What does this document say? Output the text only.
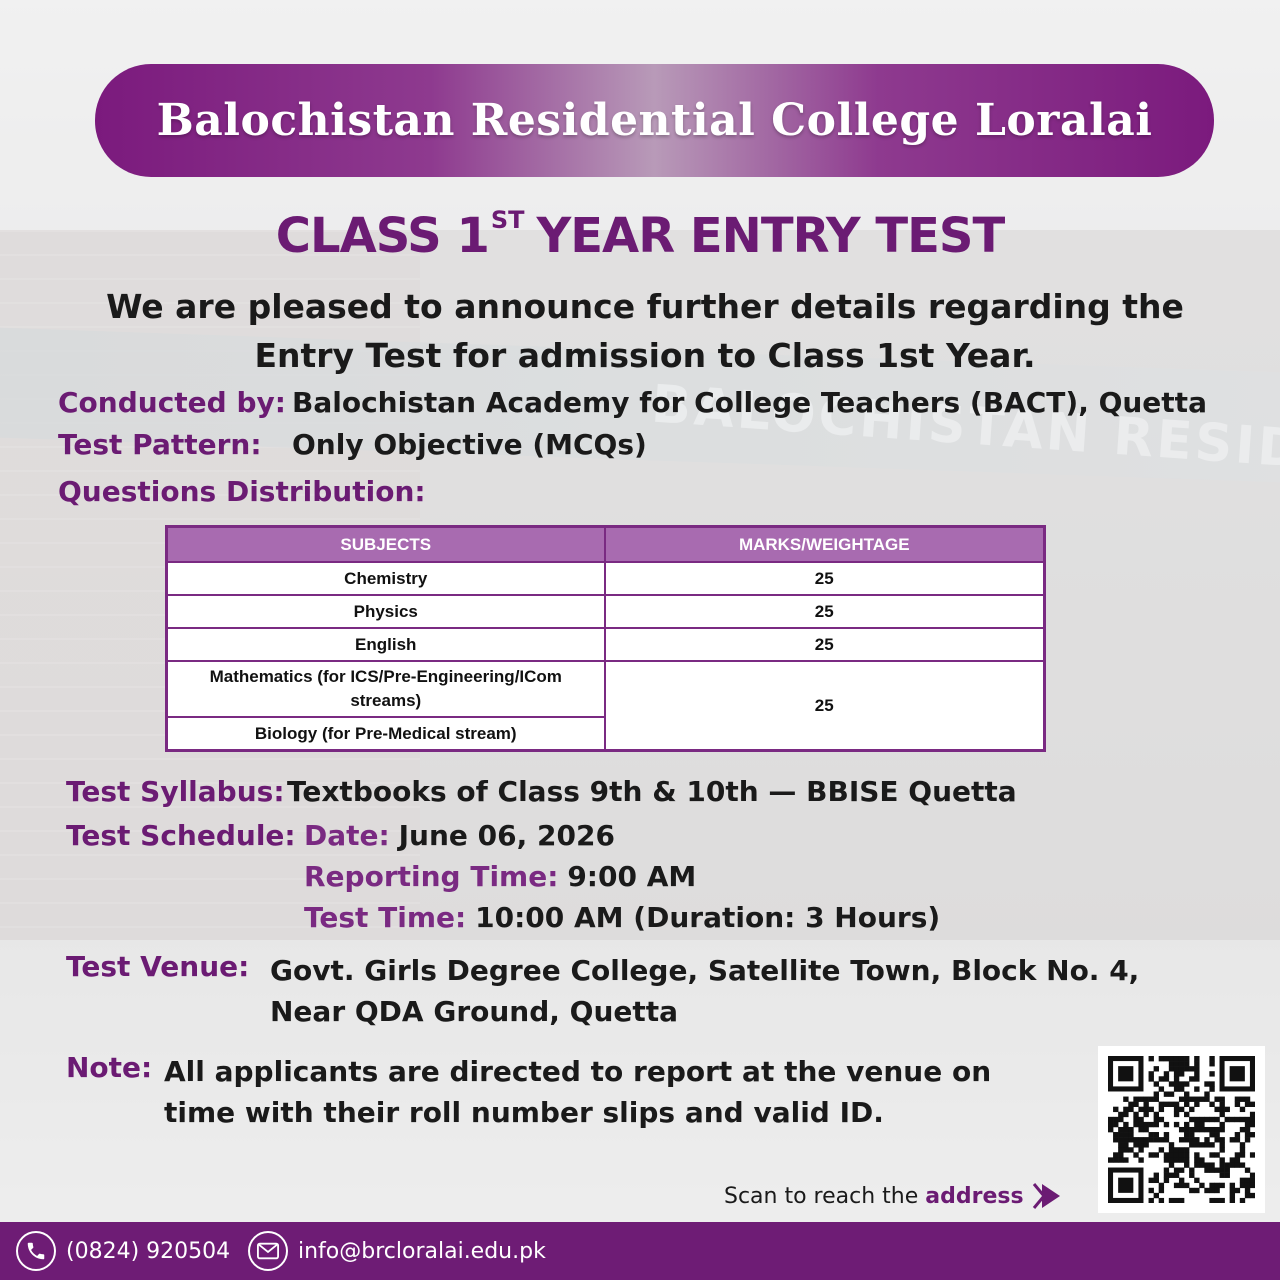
Balochistan Residential College Loralai
CLASS 1ST YEAR ENTRY TEST
We are pleased to announce further details regarding the Entry Test for admission to Class 1st Year.
Conducted by: Balochistan Academy for College Teachers (BACT), Quetta
Test Pattern: Only Objective (MCQs)
Questions Distribution:
SUBJECTS	MARKS/WEIGHTAGE
Chemistry	25
Physics	25
English	25
Mathematics (for ICS/Pre-Engineering/ICom streams)	25
Biology (for Pre-Medical stream)	
Test Syllabus: Textbooks of Class 9th & 10th — BBISE Quetta
Test Schedule: Date: June 06, 2026
Reporting Time: 9:00 AM
Test Time: 10:00 AM (Duration: 3 Hours)
Test Venue: Govt. Girls Degree College, Satellite Town, Block No. 4,
Near QDA Ground, Quetta
Note: All applicants are directed to report at the venue on time with their roll number slips and valid ID.
Scan to reach the address
(0824) 920504	info@brcloralai.edu.pk
